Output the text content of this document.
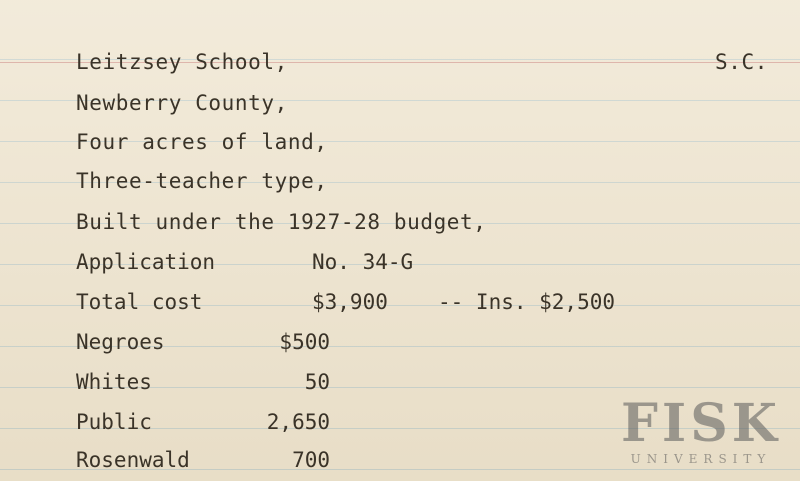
Leitzsey School,	S.C.
Newberry County,
Four acres of land,
Three-teacher type,
Built under the 1927-28 budget,
Application	No. 34-G
Total cost	$3,900 -- Ins. $2,500
Negroes	$500
Whites	50
Public	2,650
Rosenwald	700
FISK
UNIVERSITY
